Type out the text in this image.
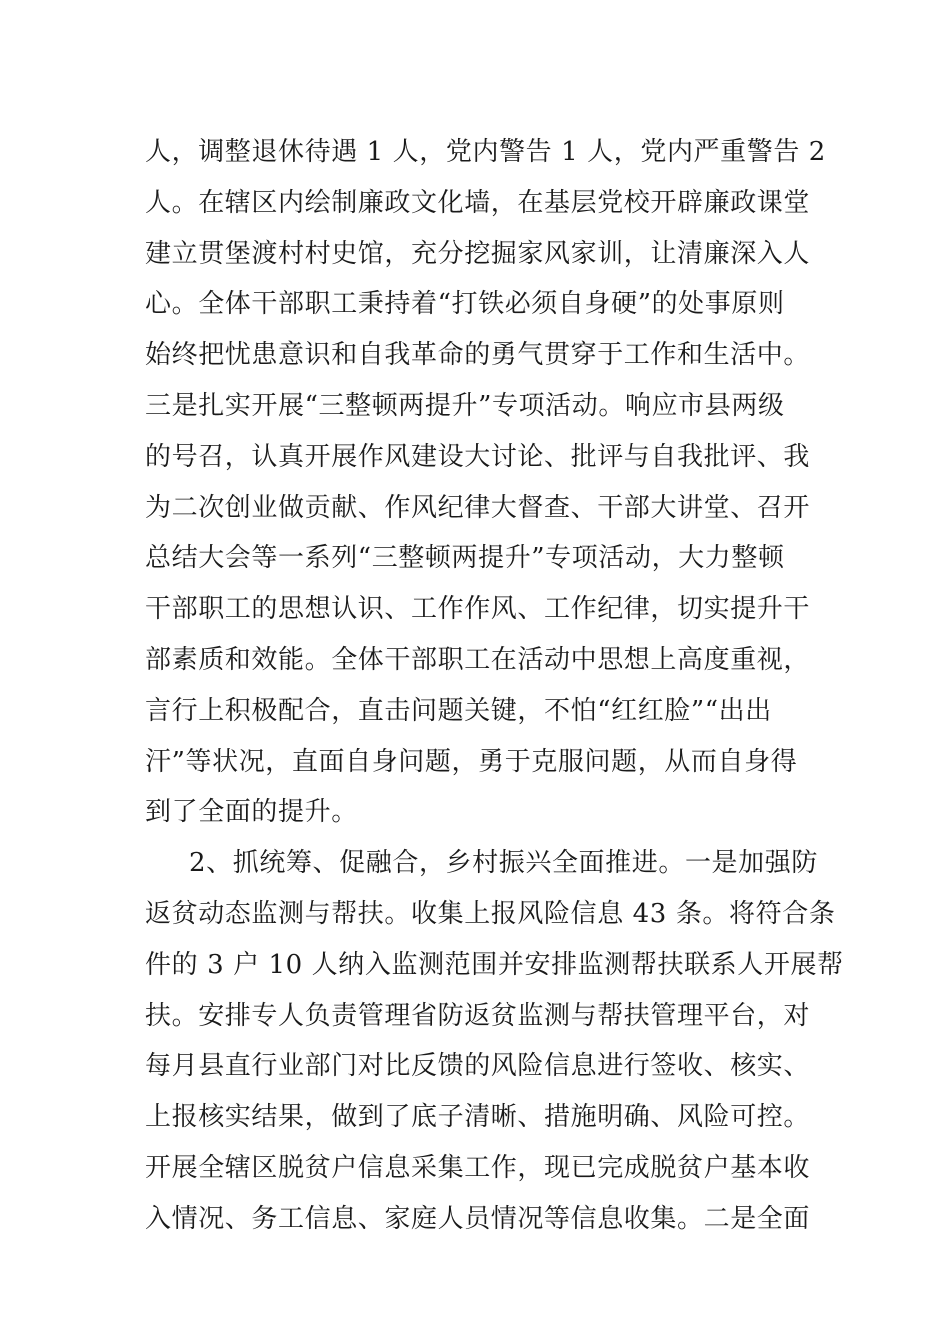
人，调整退休待遇 1 人，党内警告 1 人，党内严重警告 2
人。在辖区内绘制廉政文化墙，在基层党校开辟廉政课堂
建立贯堡渡村村史馆，充分挖掘家风家训，让清廉深入人
心。全体干部职工秉持着“打铁必须自身硬”的处事原则
始终把忧患意识和自我革命的勇气贯穿于工作和生活中。
三是扎实开展“三整顿两提升”专项活动。响应市县两级
的号召，认真开展作风建设大讨论、批评与自我批评、我
为二次创业做贡献、作风纪律大督查、干部大讲堂、召开
总结大会等一系列“三整顿两提升”专项活动，大力整顿
干部职工的思想认识、工作作风、工作纪律，切实提升干
部素质和效能。全体干部职工在活动中思想上高度重视，
言行上积极配合，直击问题关键，不怕“红红脸”“出出
汗”等状况，直面自身问题，勇于克服问题，从而自身得
到了全面的提升。
2、抓统筹、促融合，乡村振兴全面推进。一是加强防
返贫动态监测与帮扶。收集上报风险信息 43 条。将符合条
件的 3 户 10 人纳入监测范围并安排监测帮扶联系人开展帮
扶。安排专人负责管理省防返贫监测与帮扶管理平台，对
每月县直行业部门对比反馈的风险信息进行签收、核实、
上报核实结果，做到了底子清晰、措施明确、风险可控。
开展全辖区脱贫户信息采集工作，现已完成脱贫户基本收
入情况、务工信息、家庭人员情况等信息收集。二是全面
